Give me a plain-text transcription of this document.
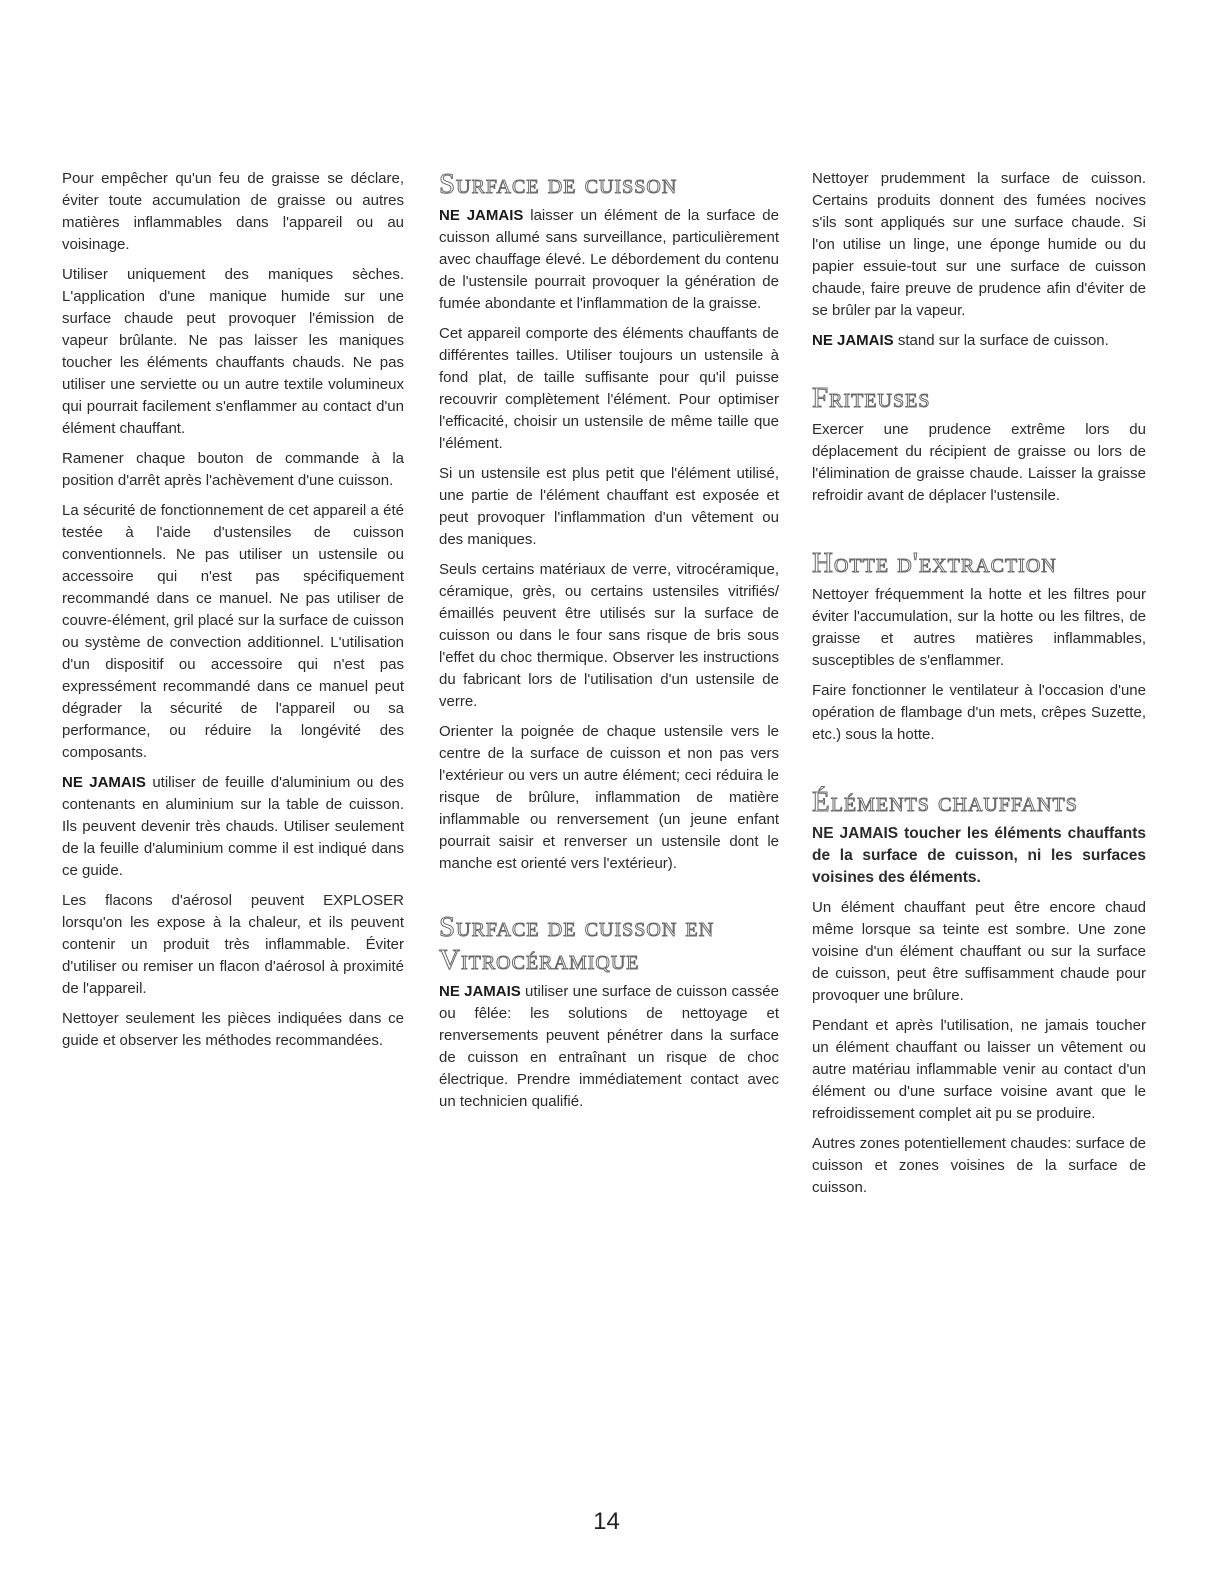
Pour empêcher qu'un feu de graisse se déclare, éviter toute accumulation de graisse ou autres matières inflammables dans l'appareil ou au voisinage.

Utiliser uniquement des maniques sèches. L'application d'une manique humide sur une surface chaude peut provoquer l'émission de vapeur brûlante. Ne pas laisser les maniques toucher les éléments chauffants chauds. Ne pas utiliser une serviette ou un autre textile volumineux qui pourrait facilement s'enflammer au contact d'un élément chauffant.

Ramener chaque bouton de commande à la position d'arrêt après l'achèvement d'une cuisson.

La sécurité de fonctionnement de cet appareil a été testée à l'aide d'ustensiles de cuisson conventionnels. Ne pas utiliser un ustensile ou accessoire qui n'est pas spécifiquement recommandé dans ce manuel. Ne pas utiliser de couvre-élément, gril placé sur la surface de cuisson ou système de convection additionnel. L'utilisation d'un dispositif ou accessoire qui n'est pas expressément recommandé dans ce manuel peut dégrader la sécurité de l'appareil ou sa performance, ou réduire la longévité des composants.

NE JAMAIS utiliser de feuille d'aluminium ou des contenants en aluminium sur la table de cuisson. Ils peuvent devenir très chauds. Utiliser seulement de la feuille d'aluminium comme il est indiqué dans ce guide.

Les flacons d'aérosol peuvent EXPLOSER lorsqu'on les expose à la chaleur, et ils peuvent contenir un produit très inflammable. Éviter d'utiliser ou remiser un flacon d'aérosol à proximité de l'appareil.

Nettoyer seulement les pièces indiquées dans ce guide et observer les méthodes recommandées.

Surface de cuisson

NE JAMAIS laisser un élément de la surface de cuisson allumé sans surveillance, particulièrement avec chauffage élevé. Le débordement du contenu de l'ustensile pourrait provoquer la génération de fumée abondante et l'inflammation de la graisse.

Cet appareil comporte des éléments chauffants de différentes tailles. Utiliser toujours un ustensile à fond plat, de taille suffisante pour qu'il puisse recouvrir complètement l'élément. Pour optimiser l'efficacité, choisir un ustensile de même taille que l'élément.

Si un ustensile est plus petit que l'élément utilisé, une partie de l'élément chauffant est exposée et peut provoquer l'inflammation d'un vêtement ou des maniques.

Seuls certains matériaux de verre, vitrocéramique, céramique, grès, ou certains ustensiles vitrifiés/émaillés peuvent être utilisés sur la surface de cuisson ou dans le four sans risque de bris sous l'effet du choc thermique. Observer les instructions du fabricant lors de l'utilisation d'un ustensile de verre.

Orienter la poignée de chaque ustensile vers le centre de la surface de cuisson et non pas vers l'extérieur ou vers un autre élément; ceci réduira le risque de brûlure, inflammation de matière inflammable ou renversement (un jeune enfant pourrait saisir et renverser un ustensile dont le manche est orienté vers l'extérieur).

Surface de cuisson en Vitrocéramique

NE JAMAIS utiliser une surface de cuisson cassée ou fêlée: les solutions de nettoyage et renversements peuvent pénétrer dans la surface de cuisson en entraînant un risque de choc électrique. Prendre immédiatement contact avec un technicien qualifié.

Nettoyer prudemment la surface de cuisson. Certains produits donnent des fumées nocives s'ils sont appliqués sur une surface chaude. Si l'on utilise un linge, une éponge humide ou du papier essuie-tout sur une surface de cuisson chaude, faire preuve de prudence afin d'éviter de se brûler par la vapeur.

NE JAMAIS stand sur la surface de cuisson.

Friteuses

Exercer une prudence extrême lors du déplacement du récipient de graisse ou lors de l'élimination de graisse chaude. Laisser la graisse refroidir avant de déplacer l'ustensile.

Hotte d'extraction

Nettoyer fréquemment la hotte et les filtres pour éviter l'accumulation, sur la hotte ou les filtres, de graisse et autres matières inflammables, susceptibles de s'enflammer.

Faire fonctionner le ventilateur à l'occasion d'une opération de flambage d'un mets, crêpes Suzette, etc.) sous la hotte.

Éléments chauffants

NE JAMAIS toucher les éléments chauffants de la surface de cuisson, ni les surfaces voisines des éléments.

Un élément chauffant peut être encore chaud même lorsque sa teinte est sombre. Une zone voisine d'un élément chauffant ou sur la surface de cuisson, peut être suffisamment chaude pour provoquer une brûlure.

Pendant et après l'utilisation, ne jamais toucher un élément chauffant ou laisser un vêtement ou autre matériau inflammable venir au contact d'un élément ou d'une surface voisine avant que le refroidissement complet ait pu se produire.

Autres zones potentiellement chaudes: surface de cuisson et zones voisines de la surface de cuisson.

14
